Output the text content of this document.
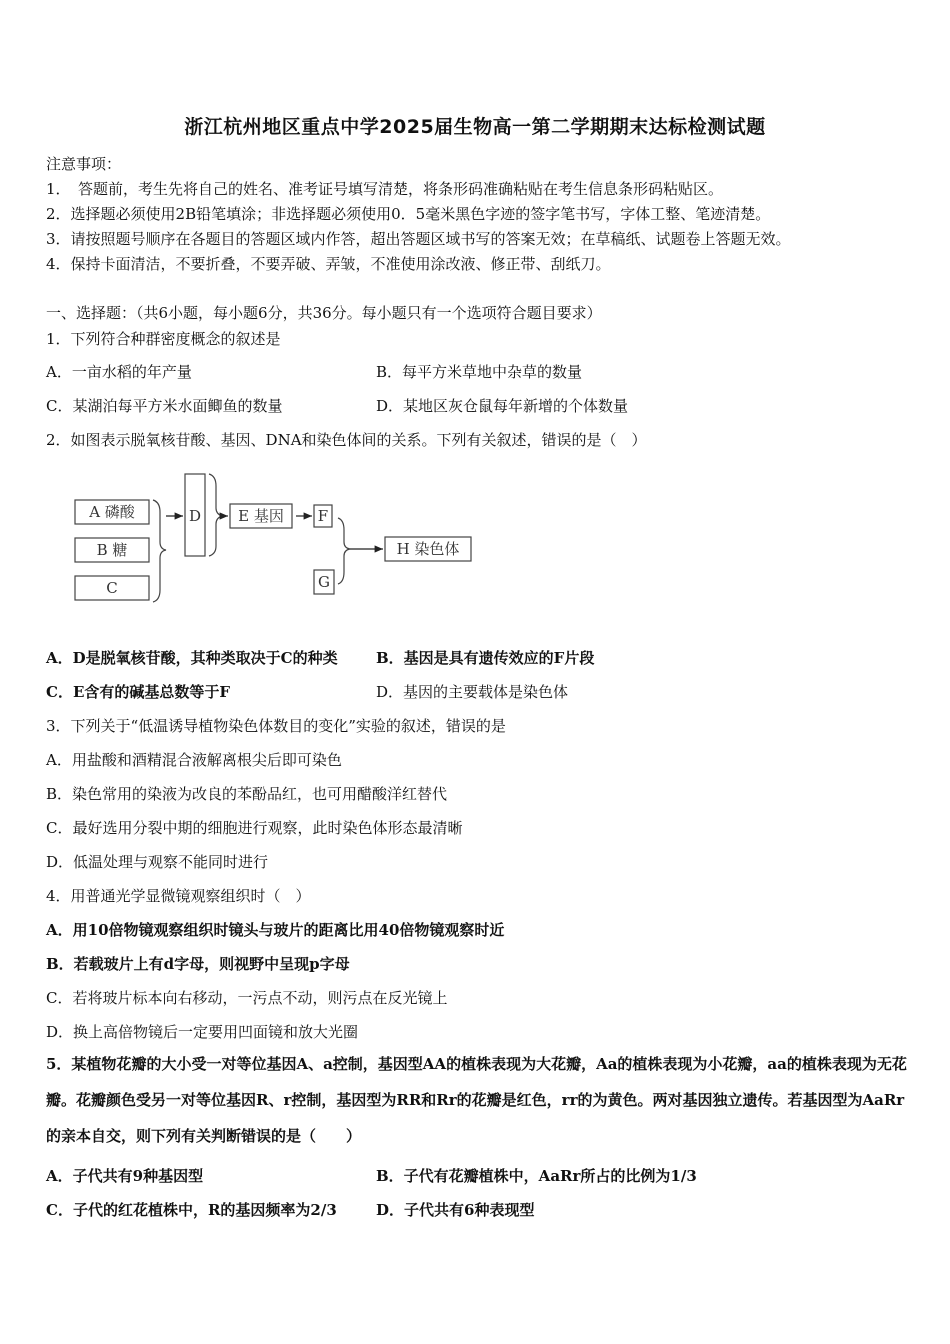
浙江杭州地区重点中学2025届生物高一第二学期期末达标检测试题
注意事项：
1．　答题前，考生先将自己的姓名、准考证号填写清楚，将条形码准确粘贴在考生信息条形码粘贴区。
2．选择题必须使用2B铅笔填涂；非选择题必须使用0．5毫米黑色字迹的签字笔书写，字体工整、笔迹清楚。
3．请按照题号顺序在各题目的答题区域内作答，超出答题区域书写的答案无效；在草稿纸、试题卷上答题无效。
4．保持卡面清洁，不要折叠，不要弄破、弄皱，不准使用涂改液、修正带、刮纸刀。
一、选择题：（共6小题，每小题6分，共36分。每小题只有一个选项符合题目要求）
1．下列符合种群密度概念的叙述是
A．一亩水稻的年产量	B．每平方米草地中杂草的数量
C．某湖泊每平方米水面鲫鱼的数量	D．某地区灰仓鼠每年新增的个体数量
2．如图表示脱氧核苷酸、基因、DNA和染色体间的关系。下列有关叙述，错误的是（　）
A 磷酸
B 糖
C
D E 基因 F
G
H 染色体
A．D是脱氧核苷酸，其种类取决于C的种类	B．基因是具有遗传效应的F片段
C．E含有的碱基总数等于F	D．基因的主要载体是染色体
3．下列关于“低温诱导植物染色体数目的变化”实验的叙述，错误的是
A．用盐酸和酒精混合液解离根尖后即可染色
B．染色常用的染液为改良的苯酚品红，也可用醋酸洋红替代
C．最好选用分裂中期的细胞进行观察，此时染色体形态最清晰
D．低温处理与观察不能同时进行
4．用普通光学显微镜观察组织时（　）
A．用10倍物镜观察组织时镜头与玻片的距离比用40倍物镜观察时近
B．若载玻片上有d字母，则视野中呈现p字母
C．若将玻片标本向右移动，一污点不动，则污点在反光镜上
D．换上高倍物镜后一定要用凹面镜和放大光圈
5．某植物花瓣的大小受一对等位基因A、a控制，基因型AA的植株表现为大花瓣，Aa的植株表现为小花瓣，aa的植株表现为无花瓣。花瓣颜色受另一对等位基因R、r控制，基因型为RR和Rr的花瓣是红色，rr的为黄色。两对基因独立遗传。若基因型为AaRr的亲本自交，则下列有关判断错误的是（　　）
A．子代共有9种基因型	B．子代有花瓣植株中，AaRr所占的比例为1/3
C．子代的红花植株中，R的基因频率为2/3	D．子代共有6种表现型
